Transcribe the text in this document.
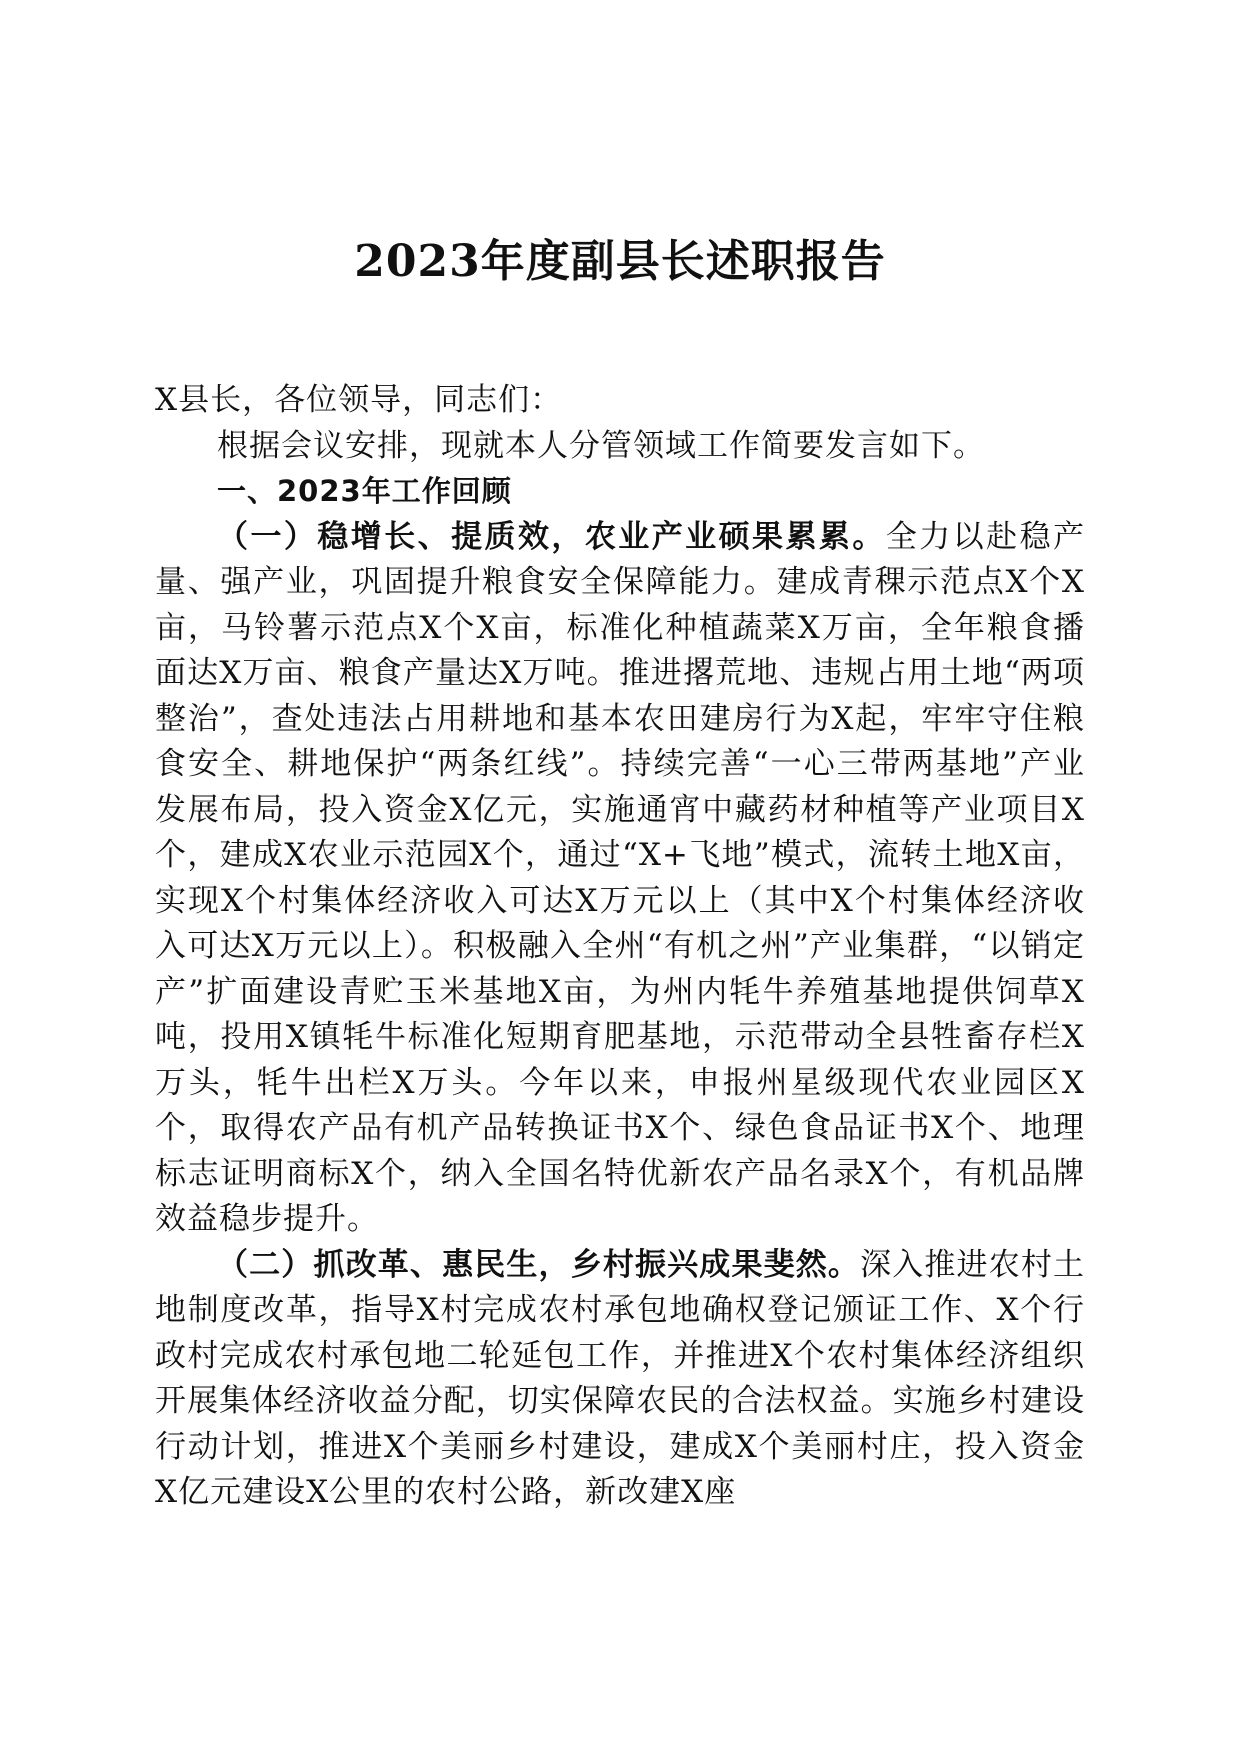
2023年度副县长述职报告

X县长，各位领导，同志们：

根据会议安排，现就本人分管领域工作简要发言如下。

一、2023年工作回顾

（一）稳增长、提质效，农业产业硕果累累。全力以赴稳产量、强产业，巩固提升粮食安全保障能力。建成青稞示范点X个X亩，马铃薯示范点X个X亩，标准化种植蔬菜X万亩，全年粮食播面达X万亩、粮食产量达X万吨。推进撂荒地、违规占用土地“两项整治”，查处违法占用耕地和基本农田建房行为X起，牢牢守住粮食安全、耕地保护“两条红线”。持续完善“一心三带两基地”产业发展布局，投入资金X亿元，实施通宵中藏药材种植等产业项目X个，建成X农业示范园X个，通过“X+飞地”模式，流转土地X亩，实现X个村集体经济收入可达X万元以上（其中X个村集体经济收入可达X万元以上）。积极融入全州“有机之州”产业集群，“以销定产”扩面建设青贮玉米基地X亩，为州内牦牛养殖基地提供饲草X吨，投用X镇牦牛标准化短期育肥基地，示范带动全县牲畜存栏X万头，牦牛出栏X万头。今年以来，申报州星级现代农业园区X个，取得农产品有机产品转换证书X个、绿色食品证书X个、地理标志证明商标X个，纳入全国名特优新农产品名录X个，有机品牌效益稳步提升。

（二）抓改革、惠民生，乡村振兴成果斐然。深入推进农村土地制度改革，指导X村完成农村承包地确权登记颁证工作、X个行政村完成农村承包地二轮延包工作，并推进X个农村集体经济组织开展集体经济收益分配，切实保障农民的合法权益。实施乡村建设行动计划，推进X个美丽乡村建设，建成X个美丽村庄，投入资金X亿元建设X公里的农村公路，新改建X座
